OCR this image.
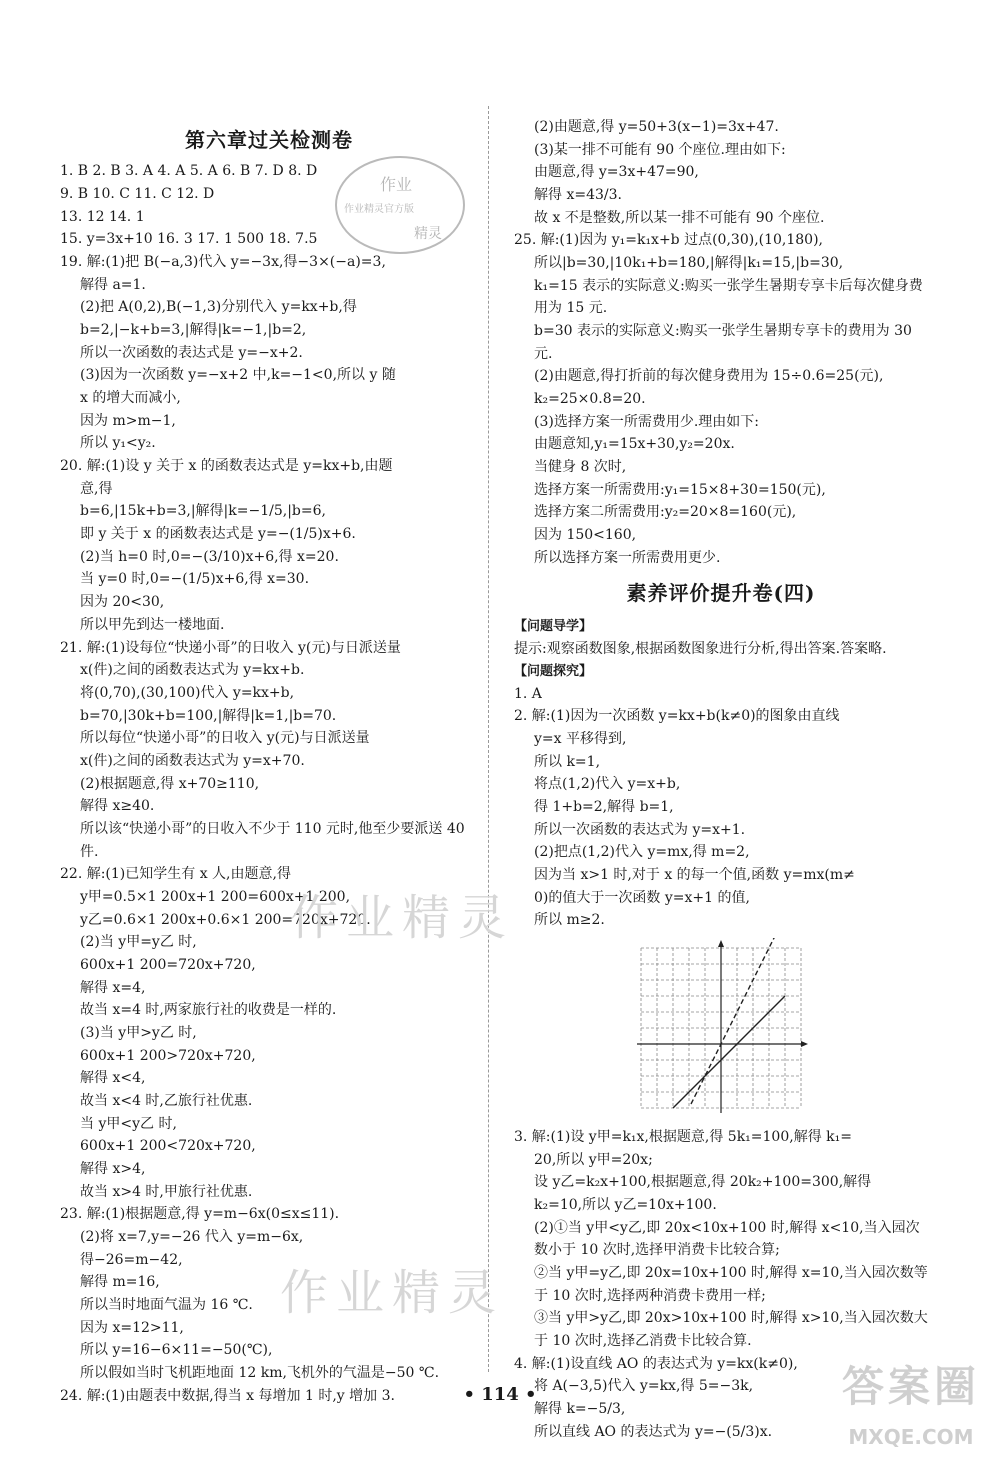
第六章过关检测卷
1. B 2. B 3. A 4. A 5. A 6. B 7. D 8. D
9. B 10. C 11. C 12. D
13. 12 14. 1
15. y=3x+10 16. 3 17. 1 500 18. 7.5
19. 解:(1)把 B(−a,3)代入 y=−3x,得−3×(−a)=3,
解得 a=1.
(2)把 A(0,2),B(−1,3)分别代入 y=kx+b,得
b=2,|−k+b=3,|解得|k=−1,|b=2,
所以一次函数的表达式是 y=−x+2.
(3)因为一次函数 y=−x+2 中,k=−1<0,所以 y 随
x 的增大而减小,
因为 m>m−1,
所以 y₁<y₂.
20. 解:(1)设 y 关于 x 的函数表达式是 y=kx+b,由题
意,得
b=6,|15k+b=3,|解得|k=−1/5,|b=6,
即 y 关于 x 的函数表达式是 y=−(1/5)x+6.
(2)当 h=0 时,0=−(3/10)x+6,得 x=20.
当 y=0 时,0=−(1/5)x+6,得 x=30.
因为 20<30,
所以甲先到达一楼地面.
21. 解:(1)设每位“快递小哥”的日收入 y(元)与日派送量
x(件)之间的函数表达式为 y=kx+b.
将(0,70),(30,100)代入 y=kx+b,
b=70,|30k+b=100,|解得|k=1,|b=70.
所以每位“快递小哥”的日收入 y(元)与日派送量
x(件)之间的函数表达式为 y=x+70.
(2)根据题意,得 x+70≥110,
解得 x≥40.
所以该“快递小哥”的日收入不少于 110 元时,他至少要派送 40 件.
22. 解:(1)已知学生有 x 人,由题意,得
y甲=0.5×1 200x+1 200=600x+1 200,
y乙=0.6×1 200x+0.6×1 200=720x+720.
(2)当 y甲=y乙 时,
600x+1 200=720x+720,
解得 x=4,
故当 x=4 时,两家旅行社的收费是一样的.
(3)当 y甲>y乙 时,
600x+1 200>720x+720,
解得 x<4,
故当 x<4 时,乙旅行社优惠.
当 y甲<y乙 时,
600x+1 200<720x+720,
解得 x>4,
故当 x>4 时,甲旅行社优惠.
23. 解:(1)根据题意,得 y=m−6x(0≤x≤11).
(2)将 x=7,y=−26 代入 y=m−6x,
得−26=m−42,
解得 m=16,
所以当时地面气温为 16 ℃.
因为 x=12>11,
所以 y=16−6×11=−50(℃),
所以假如当时飞机距地面 12 km,飞机外的气温是−50 ℃.
24. 解:(1)由题表中数据,得当 x 每增加 1 时,y 增加 3.
(2)由题意,得 y=50+3(x−1)=3x+47.
(3)某一排不可能有 90 个座位.理由如下:
由题意,得 y=3x+47=90,
解得 x=43/3.
故 x 不是整数,所以某一排不可能有 90 个座位.
25. 解:(1)因为 y₁=k₁x+b 过点(0,30),(10,180),
所以|b=30,|10k₁+b=180,|解得|k₁=15,|b=30,
k₁=15 表示的实际意义:购买一张学生暑期专享卡后每次健身费用为 15 元.
b=30 表示的实际意义:购买一张学生暑期专享卡的费用为 30 元.
(2)由题意,得打折前的每次健身费用为 15÷0.6=25(元),
k₂=25×0.8=20.
(3)选择方案一所需费用少.理由如下:
由题意知,y₁=15x+30,y₂=20x.
当健身 8 次时,
选择方案一所需费用:y₁=15×8+30=150(元),
选择方案二所需费用:y₂=20×8=160(元),
因为 150<160,
所以选择方案一所需费用更少.
素养评价提升卷(四)
【问题导学】
提示:观察函数图象,根据函数图象进行分析,得出答案.答案略.
【问题探究】
1. A
2. 解:(1)因为一次函数 y=kx+b(k≠0)的图象由直线
y=x 平移得到,
所以 k=1,
将点(1,2)代入 y=x+b,
得 1+b=2,解得 b=1,
所以一次函数的表达式为 y=x+1.
(2)把点(1,2)代入 y=mx,得 m=2,
因为当 x>1 时,对于 x 的每一个值,函数 y=mx(m≠
0)的值大于一次函数 y=x+1 的值,
所以 m≥2.
3. 解:(1)设 y甲=k₁x,根据题意,得 5k₁=100,解得 k₁=
20,所以 y甲=20x;
设 y乙=k₂x+100,根据题意,得 20k₂+100=300,解得
k₂=10,所以 y乙=10x+100.
(2)①当 y甲<y乙,即 20x<10x+100 时,解得 x<10,当入园次数小于 10 次时,选择甲消费卡比较合算;
②当 y甲=y乙,即 20x=10x+100 时,解得 x=10,当入园次数等于 10 次时,选择两种消费卡费用一样;
③当 y甲>y乙,即 20x>10x+100 时,解得 x>10,当入园次数大于 10 次时,选择乙消费卡比较合算.
4. 解:(1)设直线 AO 的表达式为 y=kx(k≠0),
将 A(−3,5)代入 y=kx,得 5=−3k,
解得 k=−5/3,
所以直线 AO 的表达式为 y=−(5/3)x.
作业
作业精灵官方版
精灵
作业精灵
作业精灵
• 114 •	答案圈
MXQE.COM
